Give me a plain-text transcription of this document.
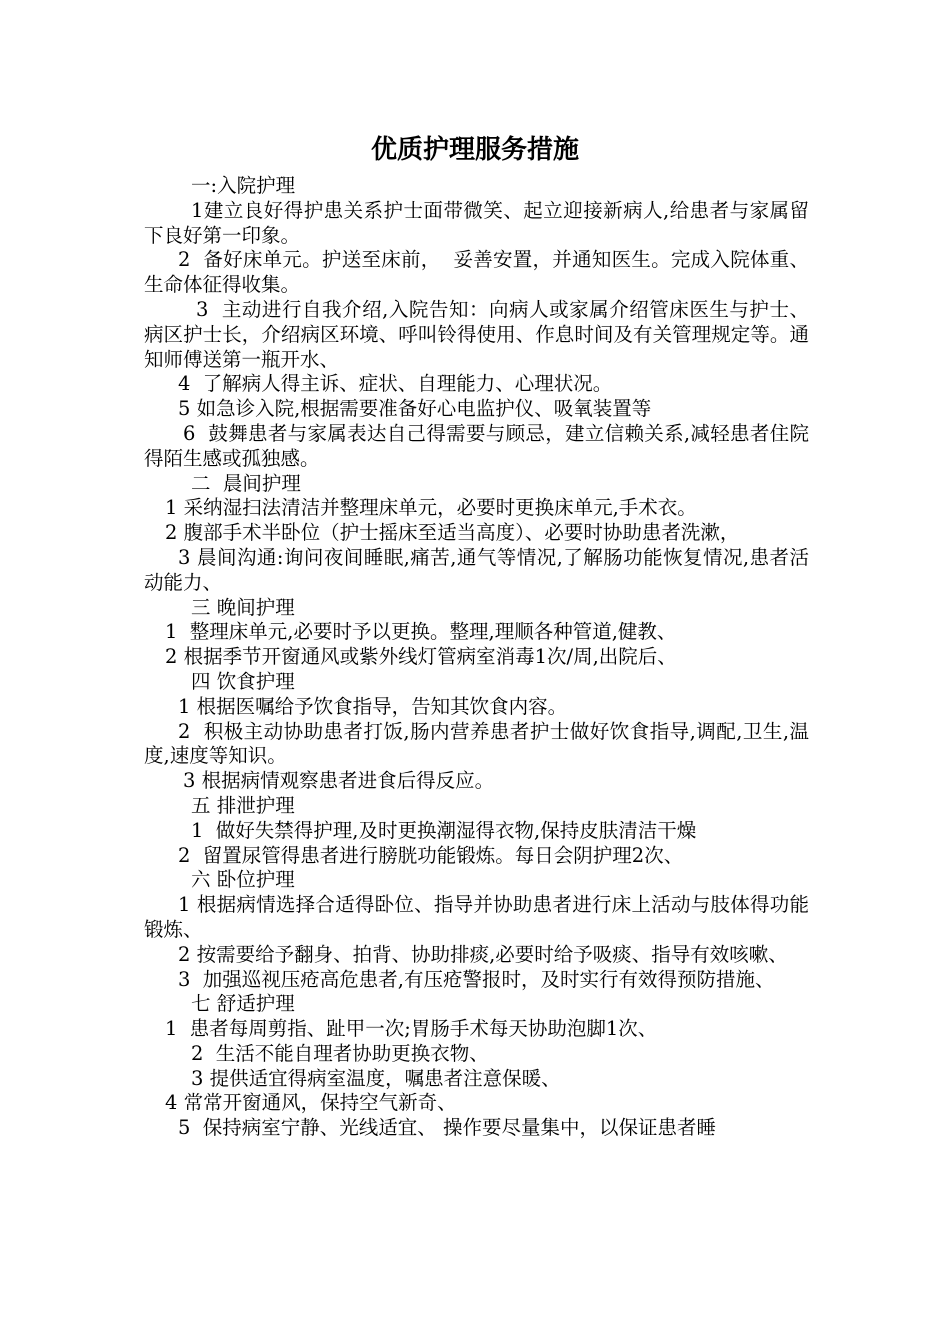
优质护理服务措施

一:入院护理

1建立良好得护患关系护士面带微笑、起立迎接新病人,给患者与家属留下良好第一印象。

2  备好床单元。护送至床前，  妥善安置，并通知医生。完成入院体重、生命体征得收集。

3  主动进行自我介绍,入院告知：向病人或家属介绍管床医生与护士、病区护士长，介绍病区环境、呼叫铃得使用、作息时间及有关管理规定等。通知师傅送第一瓶开水、

4  了解病人得主诉、症状、自理能力、心理状况。

5 如急诊入院,根据需要准备好心电监护仪、吸氧装置等

6  鼓舞患者与家属表达自己得需要与顾忌，建立信赖关系,减轻患者住院得陌生感或孤独感。

二  晨间护理

1 采纳湿扫法清洁并整理床单元，必要时更换床单元,手术衣。

2 腹部手术半卧位（护士摇床至适当高度）、必要时协助患者洗漱，

3 晨间沟通:询问夜间睡眠,痛苦,通气等情况,了解肠功能恢复情况,患者活动能力、

三 晚间护理

1  整理床单元,必要时予以更换。整理,理顺各种管道,健教、

2 根据季节开窗通风或紫外线灯管病室消毒1次/周,出院后、

四 饮食护理

1 根据医嘱给予饮食指导，告知其饮食内容。

2  积极主动协助患者打饭,肠内营养患者护士做好饮食指导,调配,卫生,温度,速度等知识。

3 根据病情观察患者进食后得反应。

五 排泄护理

1  做好失禁得护理,及时更换潮湿得衣物,保持皮肤清洁干燥

2  留置尿管得患者进行膀胱功能锻炼。每日会阴护理2次、

六 卧位护理

1 根据病情选择合适得卧位、指导并协助患者进行床上活动与肢体得功能锻炼、

2 按需要给予翻身、拍背、协助排痰,必要时给予吸痰、指导有效咳嗽、

3  加强巡视压疮高危患者,有压疮警报时，及时实行有效得预防措施、

七 舒适护理

1  患者每周剪指、趾甲一次;胃肠手术每天协助泡脚1次、

2  生活不能自理者协助更换衣物、

3 提供适宜得病室温度，嘱患者注意保暖、

4 常常开窗通风，保持空气新奇、

5  保持病室宁静、光线适宜、 操作要尽量集中，以保证患者睡
